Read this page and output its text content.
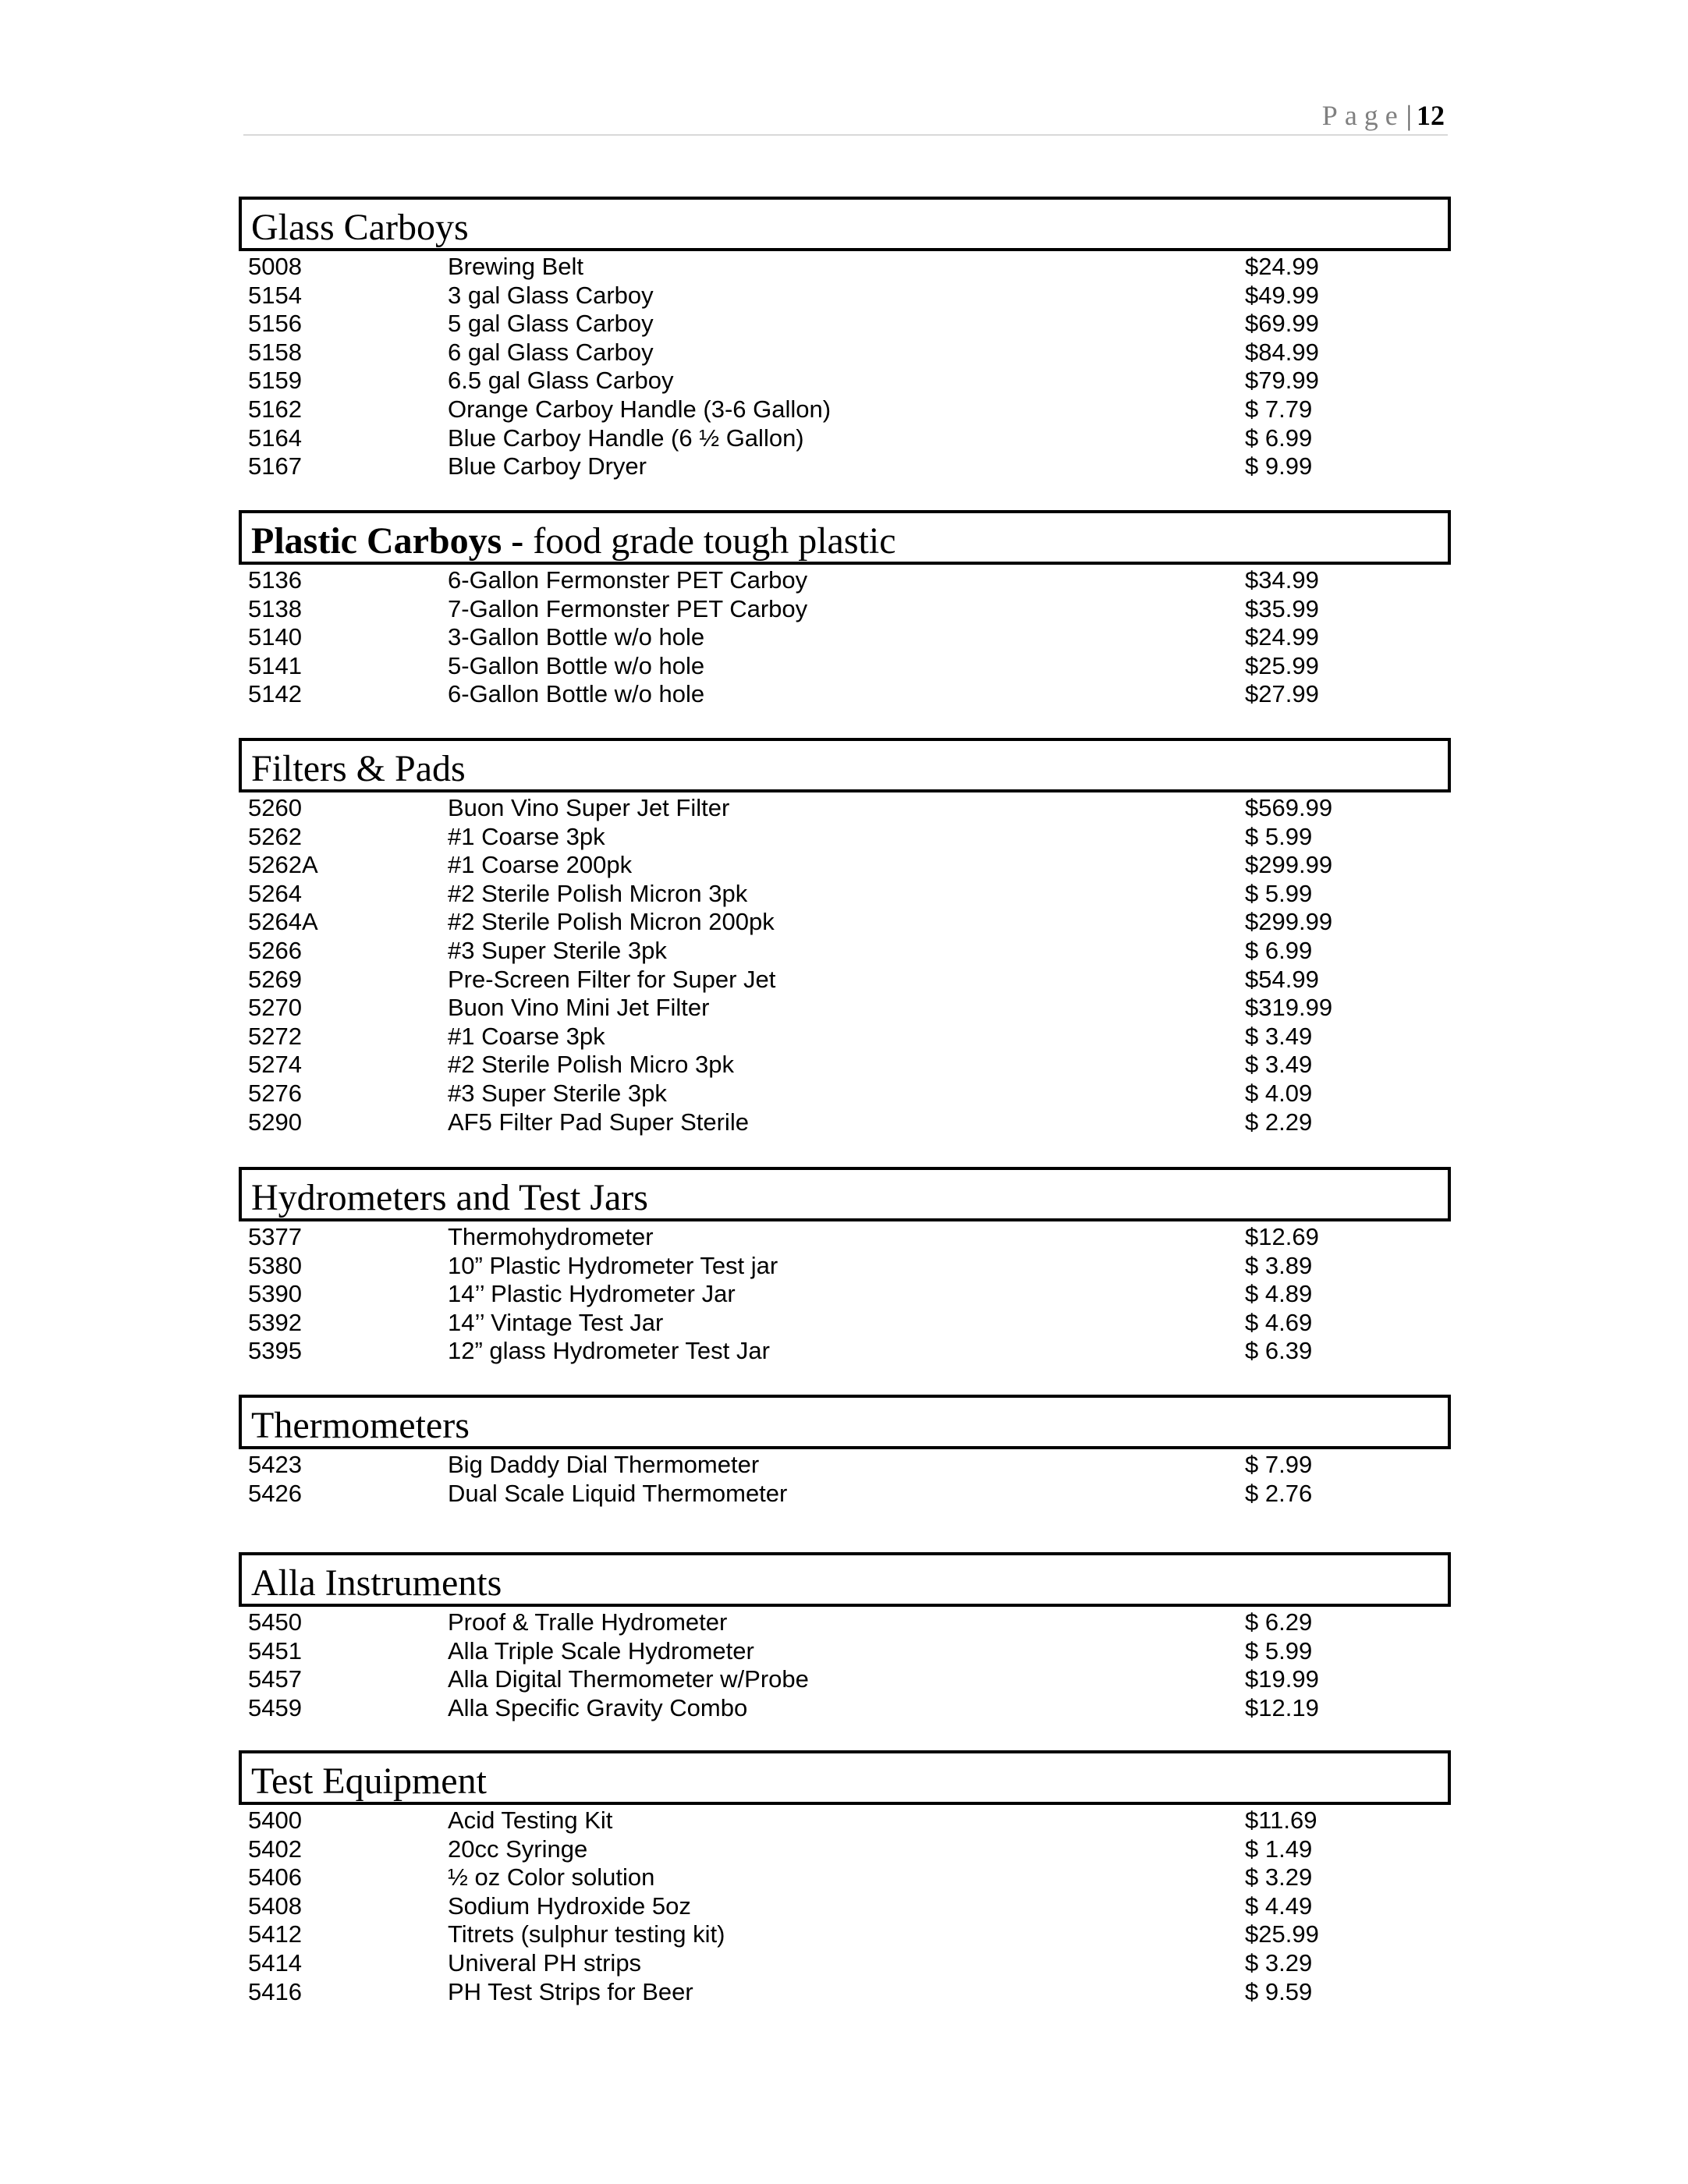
Page| 12
Glass Carboys
5008	Brewing Belt	$24.99
5154	3 gal Glass Carboy	$49.99
5156	5 gal Glass Carboy	$69.99
5158	6 gal Glass Carboy	$84.99
5159	6.5 gal Glass Carboy	$79.99
5162	Orange Carboy Handle (3-6 Gallon)	$ 7.79
5164	Blue Carboy Handle (6 ½ Gallon)	$ 6.99
5167	Blue Carboy Dryer	$ 9.99
Plastic Carboys - food grade tough plastic
5136	6-Gallon Fermonster PET Carboy	$34.99
5138	7-Gallon Fermonster PET Carboy	$35.99
5140	3-Gallon Bottle w/o hole	$24.99
5141	5-Gallon Bottle w/o hole	$25.99
5142	6-Gallon Bottle w/o hole	$27.99
Filters & Pads
5260	Buon Vino Super Jet Filter	$569.99
5262	#1 Coarse 3pk	$ 5.99
5262A	#1 Coarse 200pk	$299.99
5264	#2 Sterile Polish Micron 3pk	$ 5.99
5264A	#2 Sterile Polish Micron 200pk	$299.99
5266	#3 Super Sterile 3pk	$ 6.99
5269	Pre-Screen Filter for Super Jet	$54.99
5270	Buon Vino Mini Jet Filter	$319.99
5272	#1 Coarse 3pk	$ 3.49
5274	#2 Sterile Polish Micro 3pk	$ 3.49
5276	#3 Super Sterile 3pk	$ 4.09
5290	AF5 Filter Pad Super Sterile	$ 2.29
Hydrometers and Test Jars
5377	Thermohydrometer	$12.69
5380	10” Plastic Hydrometer Test jar	$ 3.89
5390	14’’ Plastic Hydrometer Jar	$ 4.89
5392	14’’ Vintage Test Jar	$ 4.69
5395	12” glass Hydrometer Test Jar	$ 6.39
Thermometers
5423	Big Daddy Dial Thermometer	$ 7.99
5426	Dual Scale Liquid Thermometer	$ 2.76
Alla Instruments
5450	Proof & Tralle Hydrometer	$ 6.29
5451	Alla Triple Scale Hydrometer	$ 5.99
5457	Alla Digital Thermometer w/Probe	$19.99
5459	Alla Specific Gravity Combo	$12.19
Test Equipment
5400	Acid Testing Kit	$11.69
5402	20cc Syringe	$ 1.49
5406	½ oz Color solution	$ 3.29
5408	Sodium Hydroxide 5oz	$ 4.49
5412	Titrets (sulphur testing kit)	$25.99
5414	Univeral PH strips	$ 3.29
5416	PH Test Strips for Beer	$ 9.59
